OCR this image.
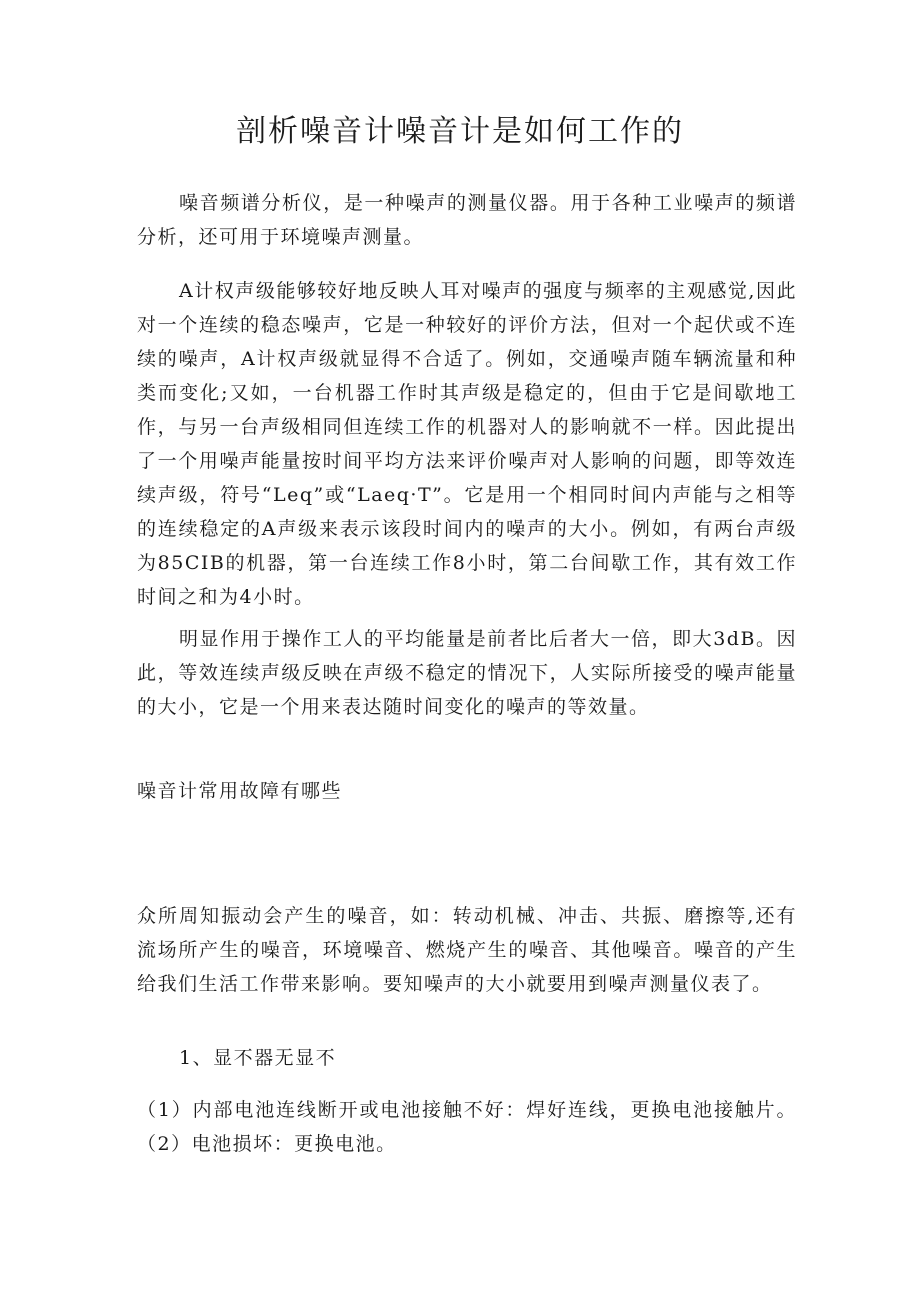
剖析噪音计噪音计是如何工作的

噪音频谱分析仪，是一种噪声的测量仪器。用于各种工业噪声的频谱分析，还可用于环境噪声测量。

A计权声级能够较好地反映人耳对噪声的强度与频率的主观感觉,因此对一个连续的稳态噪声，它是一种较好的评价方法，但对一个起伏或不连续的噪声，A计权声级就显得不合适了。例如，交通噪声随车辆流量和种类而变化;又如，一台机器工作时其声级是稳定的，但由于它是间歇地工作，与另一台声级相同但连续工作的机器对人的影响就不一样。因此提出了一个用噪声能量按时间平均方法来评价噪声对人影响的问题，即等效连续声级，符号“Leq”或“Laeq·T”。它是用一个相同时间内声能与之相等的连续稳定的A声级来表示该段时间内的噪声的大小。例如，有两台声级为85CIB的机器，第一台连续工作8小时，第二台间歇工作，其有效工作时间之和为4小时。

明显作用于操作工人的平均能量是前者比后者大一倍，即大3dB。因此，等效连续声级反映在声级不稳定的情况下，人实际所接受的噪声能量的大小，它是一个用来表达随时间变化的噪声的等效量。

噪音计常用故障有哪些

众所周知振动会产生的噪音，如：转动机械、冲击、共振、磨擦等,还有流场所产生的噪音，环境噪音、燃烧产生的噪音、其他噪音。噪音的产生给我们生活工作带来影响。要知噪声的大小就要用到噪声测量仪表了。

1、显不器无显不

（1）内部电池连线断开或电池接触不好：焊好连线，更换电池接触片。（2）电池损坏：更换电池。
